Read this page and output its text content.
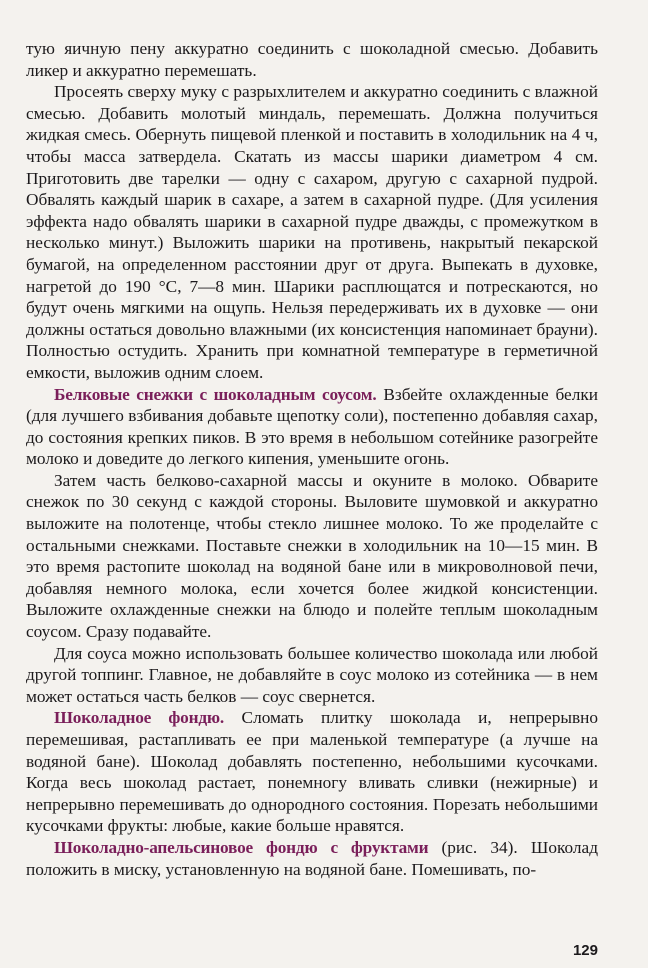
тую яичную пену аккуратно соединить с шоколадной смесью. Добавить ликер и аккуратно перемешать.

Просеять сверху муку с разрыхлителем и аккуратно соединить с влажной смесью. Добавить молотый миндаль, перемешать. Должна получиться жидкая смесь. Обернуть пищевой пленкой и поставить в холодильник на 4 ч, чтобы масса затвердела. Скатать из массы шарики диаметром 4 см. Приготовить две тарелки — одну с сахаром, другую с сахарной пудрой. Обвалять каждый шарик в сахаре, а затем в сахарной пудре. (Для усиления эффекта надо обвалять шарики в сахарной пудре дважды, с промежутком в несколько минут.) Выложить шарики на противень, накрытый пекарской бумагой, на определенном расстоянии друг от друга. Выпекать в духовке, нагретой до 190 °С, 7—8 мин. Шарики расплющатся и потрескаются, но будут очень мягкими на ощупь. Нельзя передерживать их в духовке — они должны остаться довольно влажными (их консистенция напоминает брауни). Полностью остудить. Хранить при комнатной температуре в герметичной емкости, выложив одним слоем.

Белковые снежки с шоколадным соусом. Взбейте охлажденные белки (для лучшего взбивания добавьте щепотку соли), постепенно добавляя сахар, до состояния крепких пиков. В это время в небольшом сотейнике разогрейте молоко и доведите до легкого кипения, уменьшите огонь.

Затем часть белково-сахарной массы и окуните в молоко. Обварите снежок по 30 секунд с каждой стороны. Выловите шумовкой и аккуратно выложите на полотенце, чтобы стекло лишнее молоко. То же проделайте с остальными снежками. Поставьте снежки в холодильник на 10—15 мин. В это время растопите шоколад на водяной бане или в микроволновой печи, добавляя немного молока, если хочется более жидкой консистенции. Выложите охлажденные снежки на блюдо и полейте теплым шоколадным соусом. Сразу подавайте.

Для соуса можно использовать большее количество шоколада или любой другой топпинг. Главное, не добавляйте в соус молоко из сотейника — в нем может остаться часть белков — соус свернется.

Шоколадное фондю. Сломать плитку шоколада и, непрерывно перемешивая, растапливать ее при маленькой температуре (а лучше на водяной бане). Шоколад добавлять постепенно, небольшими кусочками. Когда весь шоколад растает, понемногу вливать сливки (нежирные) и непрерывно перемешивать до однородного состояния. Порезать небольшими кусочками фрукты: любые, какие больше нравятся.

Шоколадно-апельсиновое фондю с фруктами (рис. 34). Шоколад положить в миску, установленную на водяной бане. Помешивать, по-

129
